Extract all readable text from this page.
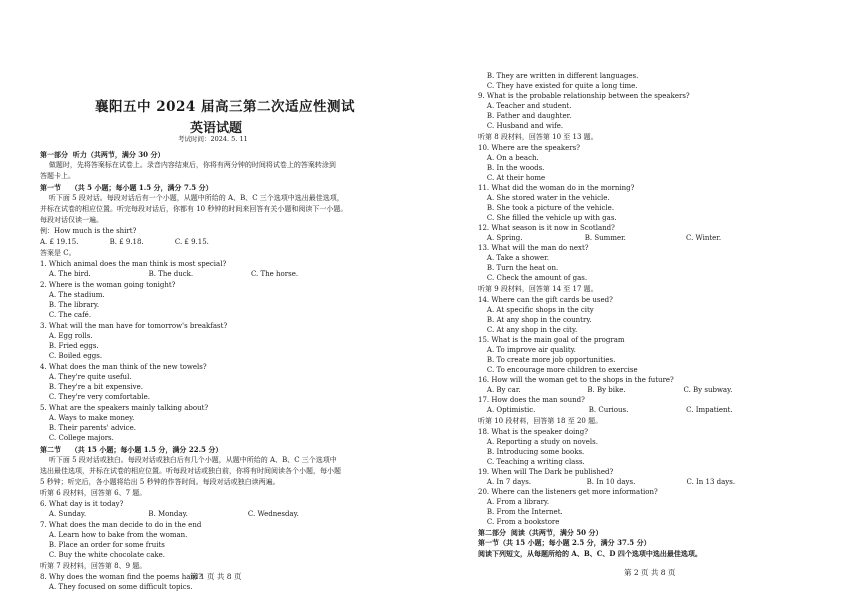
襄阳五中 2024 届高三第二次适应性测试
英语试题
考试时间：2024. 5. 11
第一部分  听力（共两节，满分 30 分）
做题时，先将答案标在试卷上。录音内容结束后，你将有两分钟的时间将试卷上的答案转涂到
答题卡上。
第一节    （共 5 小题；每小题 1.5 分，满分 7.5 分）
听下面 5 段对话。每段对话后有一个小题，从题中所给的 A、B、C 三个选项中选出最佳选项，
并标在试卷的相应位置。听完每段对话后，你都有 10 秒钟的时间来回答有关小题和阅读下一小题。
每段对话仅读一遍。
例：How much is the shirt?
A. £ 19.15.              B. £ 9.18.              C. £ 9.15.
答案是 C。
1. Which animal does the man think is most special?
A. The bird.                          B. The duck.                          C. The horse.
2. Where is the woman going tonight?
A. The stadium.
B. The library.
C. The café.
3. What will the man have for tomorrow's breakfast?
A. Egg rolls.
B. Fried eggs.
C. Boiled eggs.
4. What does the man think of the new towels?
A. They're quite useful.
B. They're a bit expensive.
C. They're very comfortable.
5. What are the speakers mainly talking about?
A. Ways to make money.
B. Their parents' advice.
C. College majors.
第二节    （共 15 小题；每小题 1.5 分，满分 22.5 分）
听下面 5 段对话或独白。每段对话或独白后有几个小题，从题中所给的 A、B、C 三个选项中
选出最佳选项，并标在试卷的相应位置。听每段对话或独白前，你将有时间阅读各个小题，每小题
5 秒钟；听完后，各小题将给出 5 秒钟的作答时间。每段对话或独白读两遍。
听第 6 段材料，回答第 6、7 题。
6. What day is it today?
A. Sunday.                            B. Monday.                           C. Wednesday.
7. What does the man decide to do in the end
A. Learn how to bake from the woman.
B. Place an order for some fruits
C. Buy the white chocolate cake.
听第 7 段材料，回答第 8、9 题。
8. Why does the woman find the poems hard?
A. They focused on some difficult topics.
B. They are written in different languages.
C. They have existed for quite a long time.
9. What is the probable relationship between the speakers?
A. Teacher and student.
B. Father and daughter.
C. Husband and wife.
听第 8 段材料，回答第 10 至 13 题。
10. Where are the speakers?
A. On a beach.
B. In the woods.
C. At their home
11. What did the woman do in the morning?
A. She stored water in the vehicle.
B. She took a picture of the vehicle.
C. She filled the vehicle up with gas.
12. What season is it now in Scotland?
A. Spring.                            B. Summer.                           C. Winter.
13. What will the man do next?
A. Take a shower.
B. Turn the heat on.
C. Check the amount of gas.
听第 9 段材料，回答第 14 至 17 题。
14. Where can the gift cards be used?
A. At specific shops in the city
B. At any shop in the country.
C. At any shop in the city.
15. What is the main goal of the program
A. To improve air quality.
B. To create more job opportunities.
C. To encourage more children to exercise
16. How will the woman get to the shops in the future?
A. By car.                              B. By bike.                          C. By subway.
17. How does the man sound?
A. Optimistic.                        B. Curious.                          C. Impatient.
听第 10 段材料，回答第 18 至 20 题。
18. What is the speaker doing?
A. Reporting a study on novels.
B. Introducing some books.
C. Teaching a writing class.
19. When will The Dark be published?
A. In 7 days.                         B. In 10 days.                       C. In 13 days.
20. Where can the listeners get more information?
A. From a library.
B. From the Internet.
C. From a bookstore
第二部分  阅读（共两节，满分 50 分）
第一节（共 15 小题；每小题 2.5 分，满分 37.5 分）
阅读下列短文，从每题所给的 A、B、C、D 四个选项中选出最佳选项。
第 1 页 共 8 页	第 2 页 共 8 页
